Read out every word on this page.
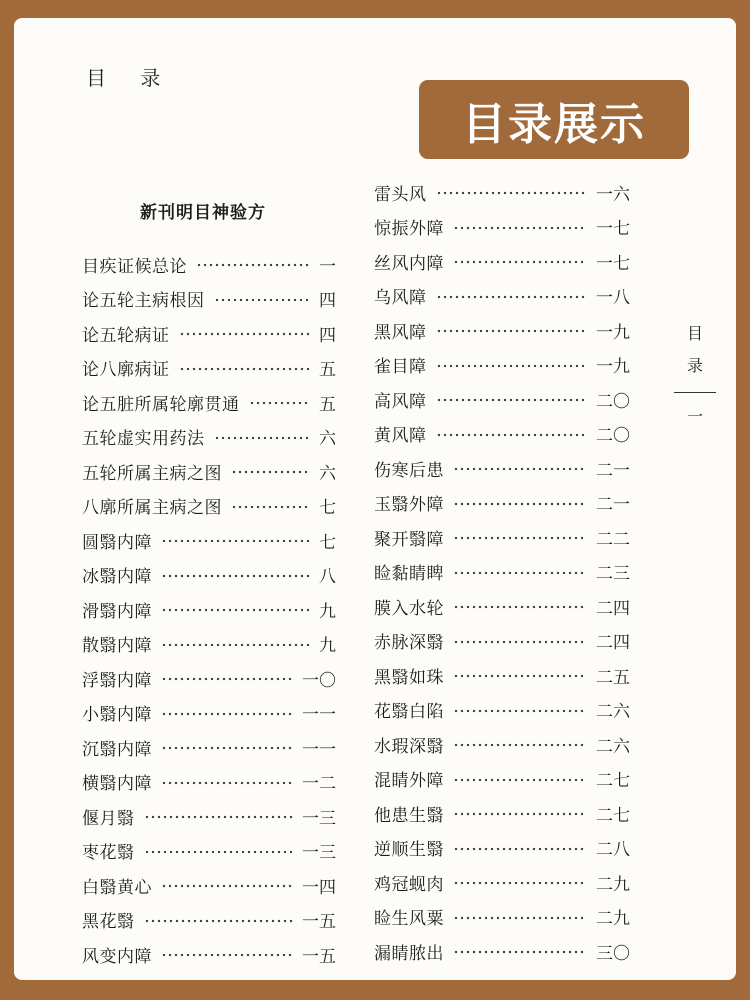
目 录
目录展示
新刊明目神验方
目疾证候总论	一
论五轮主病根因	四
论五轮病证	四
论八廓病证	五
论五脏所属轮廓贯通	五
五轮虚实用药法	六
五轮所属主病之图	六
八廓所属主病之图	七
圆翳内障	七
冰翳内障	八
滑翳内障	九
散翳内障	九
浮翳内障	一〇
小翳内障	一一
沉翳内障	一一
横翳内障	一二
偃月翳	一三
枣花翳	一三
白翳黄心	一四
黑花翳	一五
风变内障	一五
雷头风	一六
惊振外障	一七
丝风内障	一七
乌风障	一八
黑风障	一九
雀目障	一九
高风障	二〇
黄风障	二〇
伤寒后患	二一
玉翳外障	二一
聚开翳障	二二
睑黏睛睥	二三
膜入水轮	二四
赤脉深翳	二四
黑翳如珠	二五
花翳白陷	二六
水瑕深翳	二六
混睛外障	二七
他患生翳	二七
逆顺生翳	二八
鸡冠蚬肉	二九
睑生风粟	二九
漏睛脓出	三〇
目
录
一
